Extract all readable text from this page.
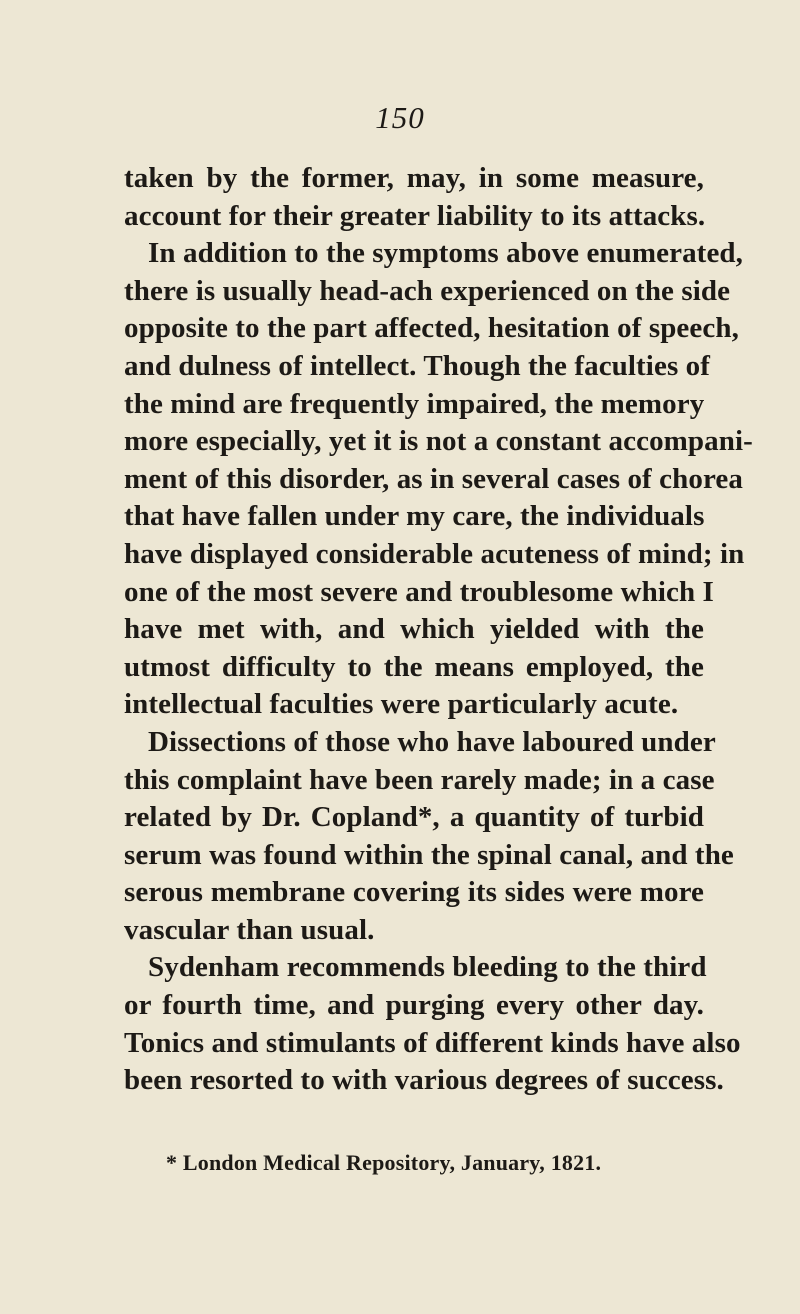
150
taken by the former, may, in some measure,
account for their greater liability to its attacks.
In addition to the symptoms above enumerated,
there is usually head-ach experienced on the side
opposite to the part affected, hesitation of speech,
and dulness of intellect. Though the faculties of
the mind are frequently impaired, the memory
more especially, yet it is not a constant accompani-
ment of this disorder, as in several cases of chorea
that have fallen under my care, the individuals
have displayed considerable acuteness of mind; in
one of the most severe and troublesome which I
have met with, and which yielded with the
utmost difficulty to the means employed, the
intellectual faculties were particularly acute.
Dissections of those who have laboured under
this complaint have been rarely made; in a case
related by Dr. Copland*, a quantity of turbid
serum was found within the spinal canal, and the
serous membrane covering its sides were more
vascular than usual.
Sydenham recommends bleeding to the third
or fourth time, and purging every other day.
Tonics and stimulants of different kinds have also
been resorted to with various degrees of success.
* London Medical Repository, January, 1821.
